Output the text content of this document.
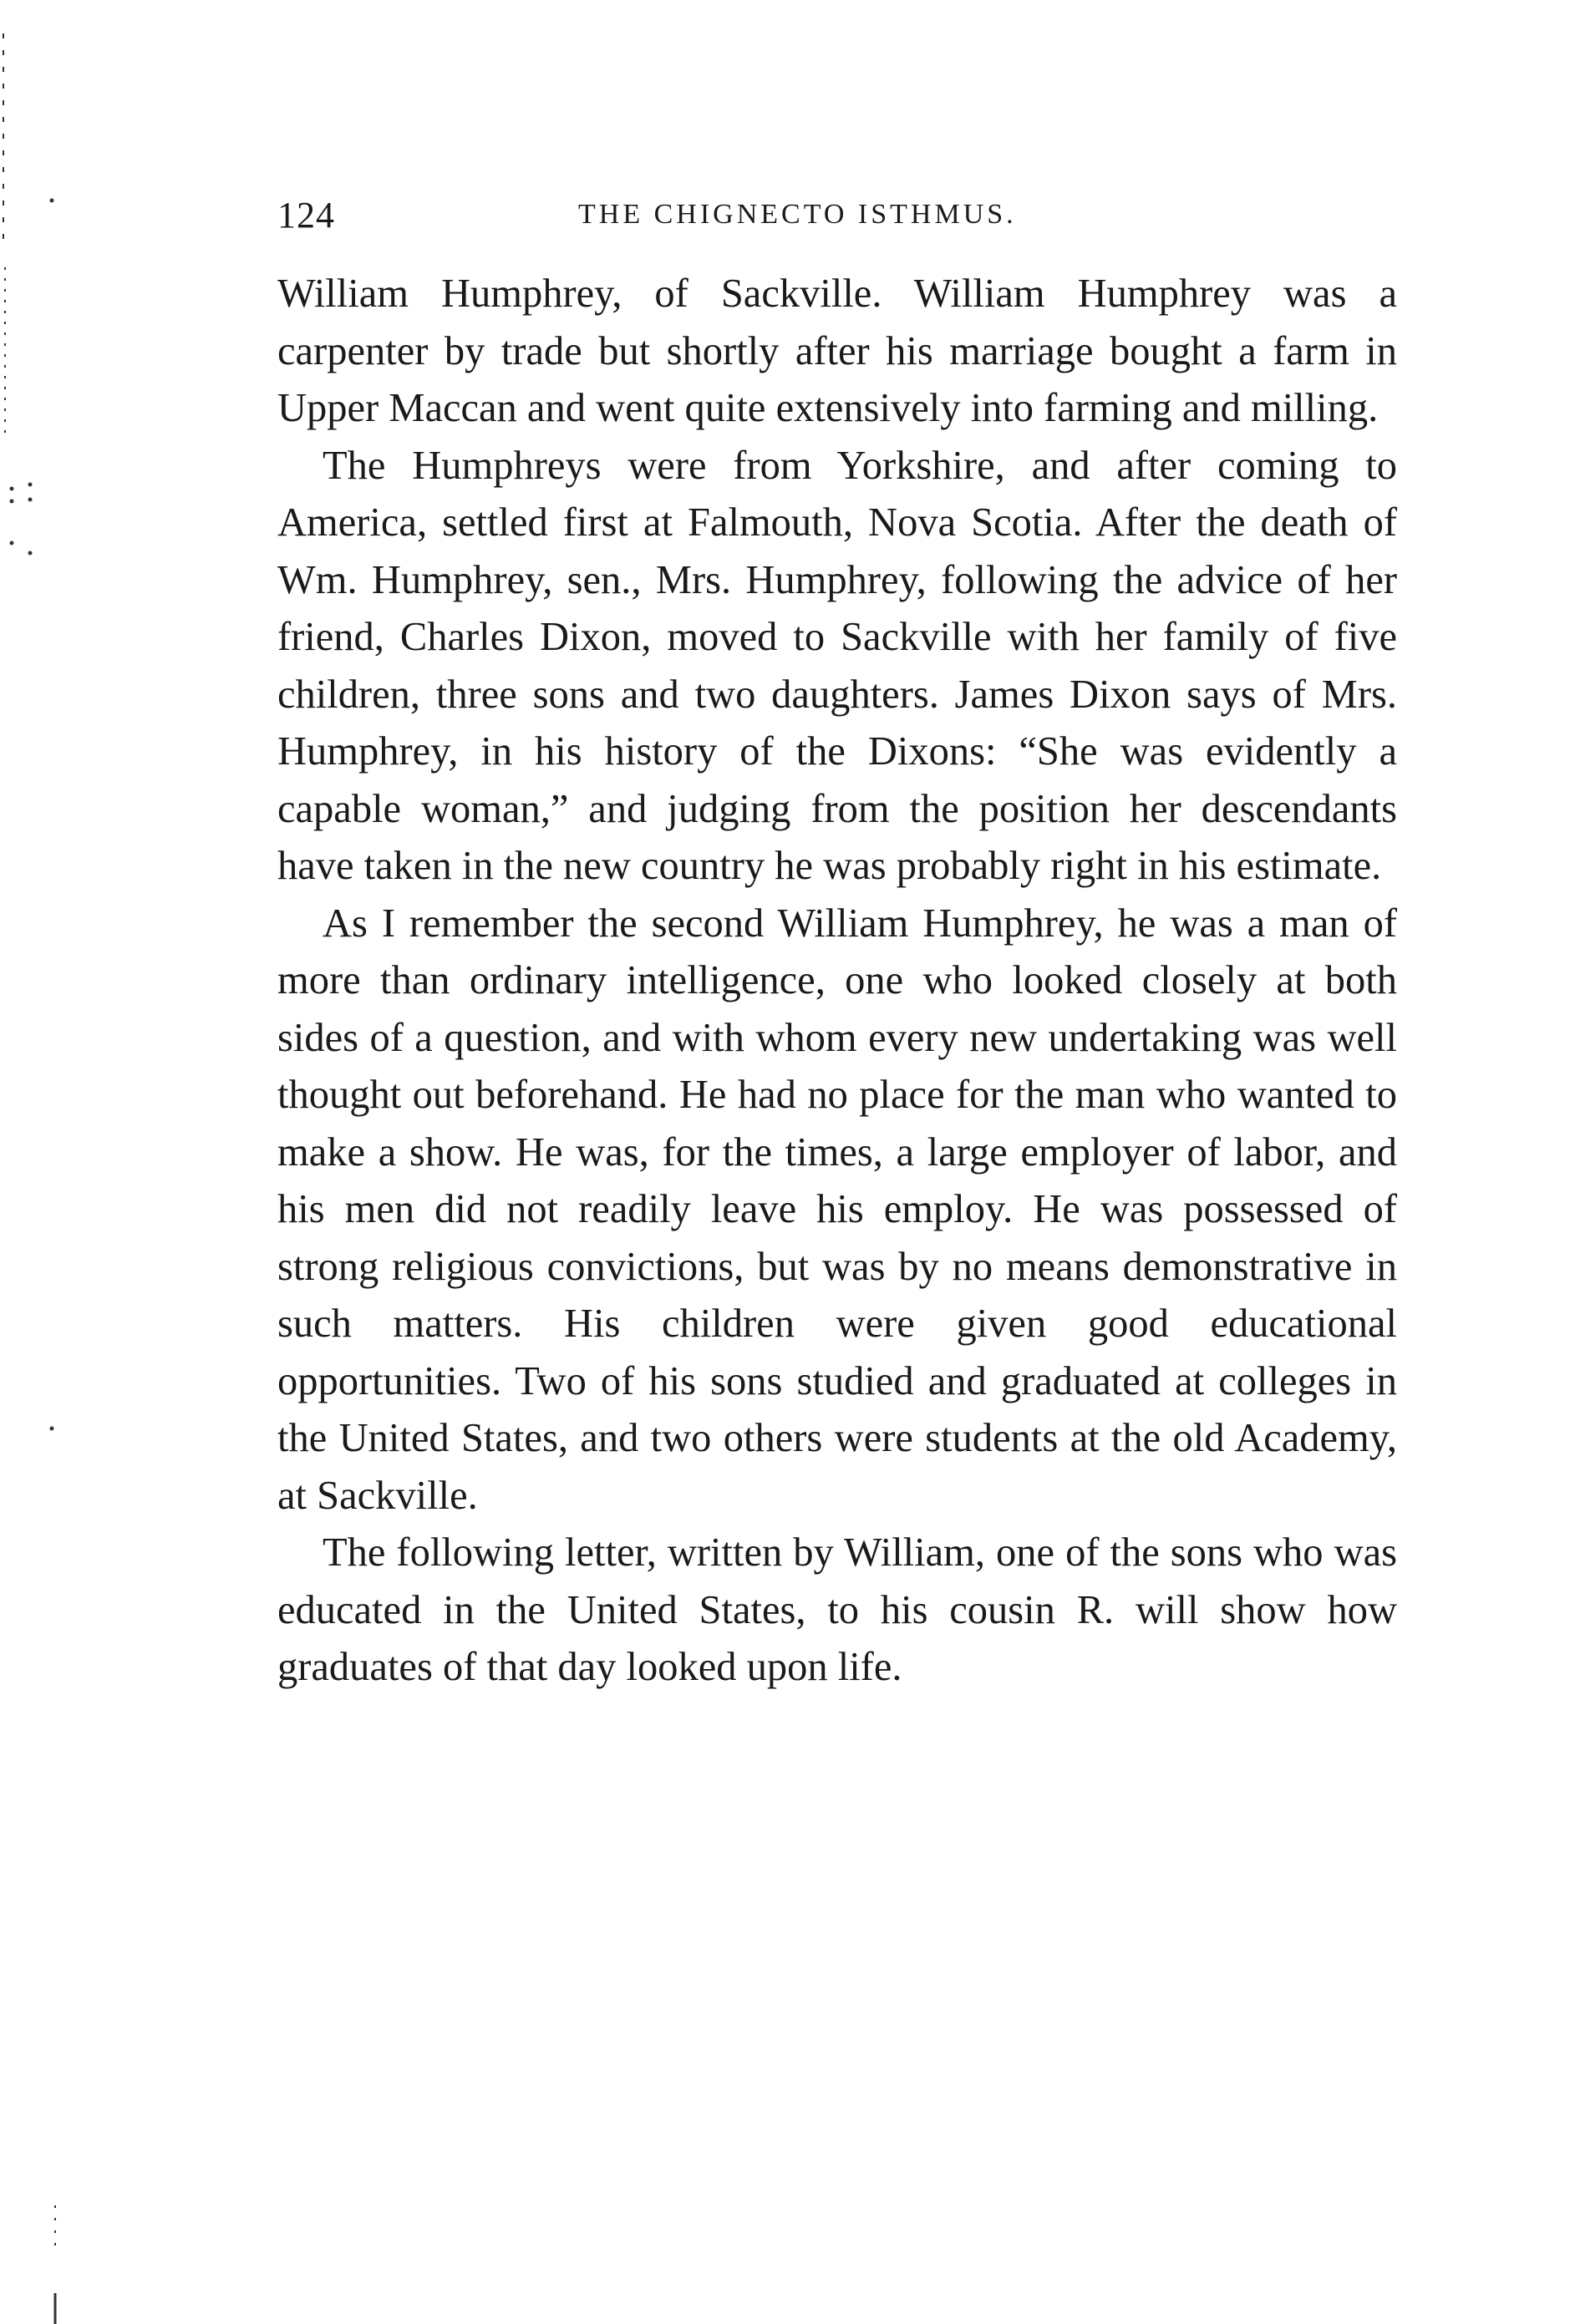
124	THE CHIGNECTO ISTHMUS.

William Humphrey, of Sackville. William Humphrey was a carpenter by trade but shortly after his marriage bought a farm in Upper Maccan and went quite extensively into farming and milling.

The Humphreys were from Yorkshire, and after coming to America, settled first at Falmouth, Nova Scotia. After the death of Wm. Humphrey, sen., Mrs. Humphrey, following the advice of her friend, Charles Dixon, moved to Sackville with her family of five children, three sons and two daughters. James Dixon says of Mrs. Humphrey, in his history of the Dixons: “She was evidently a capable woman,” and judging from the position her descendants have taken in the new country he was probably right in his estimate.

As I remember the second William Humphrey, he was a man of more than ordinary intelligence, one who looked closely at both sides of a question, and with whom every new undertaking was well thought out beforehand. He had no place for the man who wanted to make a show. He was, for the times, a large employer of labor, and his men did not readily leave his employ. He was possessed of strong religious convictions, but was by no means demonstrative in such matters. His children were given good educational opportunities. Two of his sons studied and graduated at colleges in the United States, and two others were students at the old Academy, at Sackville.

The following letter, written by William, one of the sons who was educated in the United States, to his cousin R. will show how graduates of that day looked upon life.
